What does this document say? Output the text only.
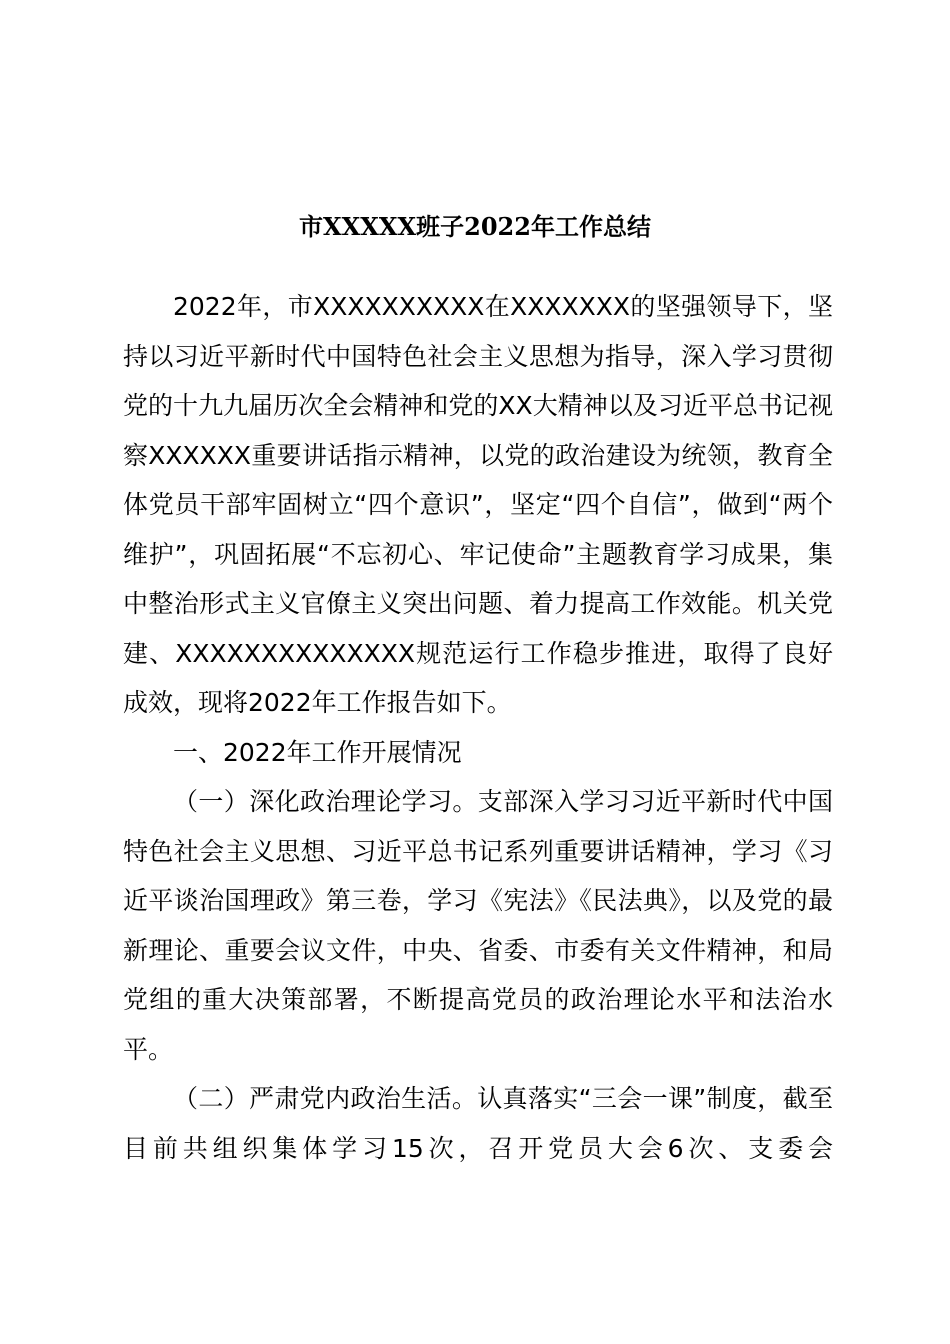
市XXXXX班子2022年工作总结

2022年，市XXXXXXXXXX在XXXXXXX的坚强领导下，坚持以习近平新时代中国特色社会主义思想为指导，深入学习贯彻党的十九九届历次全会精神和党的XX大精神以及习近平总书记视察XXXXXX重要讲话指示精神，以党的政治建设为统领，教育全体党员干部牢固树立“四个意识”，坚定“四个自信”，做到“两个维护”，巩固拓展“不忘初心、牢记使命”主题教育学习成果，集中整治形式主义官僚主义突出问题、着力提高工作效能。机关党建、XXXXXXXXXXXXXX规范运行工作稳步推进，取得了良好成效，现将2022年工作报告如下。

一、2022年工作开展情况

（一）深化政治理论学习。支部深入学习习近平新时代中国特色社会主义思想、习近平总书记系列重要讲话精神，学习《习近平谈治国理政》第三卷，学习《宪法》《民法典》，以及党的最新理论、重要会议文件，中央、省委、市委有关文件精神，和局党组的重大决策部署，不断提高党员的政治理论水平和法治水平。

（二）严肃党内政治生活。认真落实“三会一课”制度，截至目前共组织集体学习15次，召开党员大会6次、支委会
